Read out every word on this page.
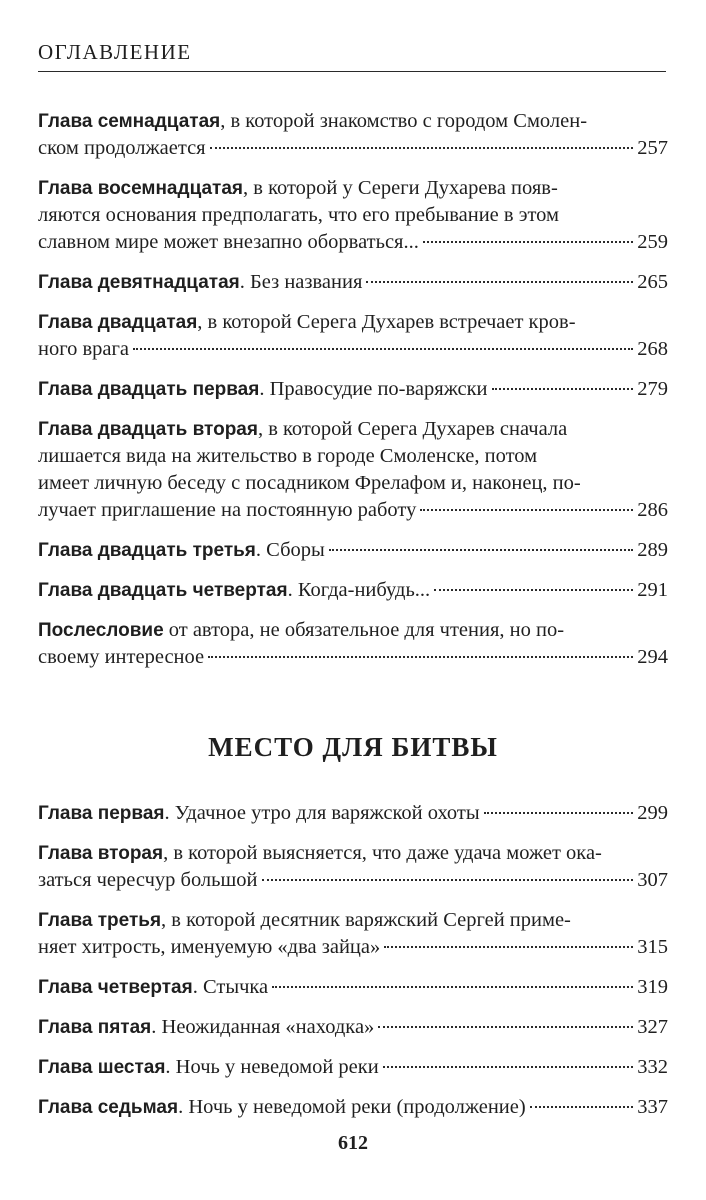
ОГЛАВЛЕНИЕ

Глава семнадцатая, в которой знакомство с городом Смолен-

ском продолжается	257

Глава восемнадцатая, в которой у Сереги Духарева появ-

ляются основания предполагать, что его пребывание в этом

славном мире может внезапно оборваться...	259
Глава девятнадцатая. Без названия	265

Глава двадцатая, в которой Серега Духарев встречает кров-

ного врага	268
Глава двадцать первая. Правосудие по-варяжски	279

Глава двадцать вторая, в которой Серега Духарев сначала

лишается вида на жительство в городе Смоленске, потом

имеет личную беседу с посадником Фрелафом и, наконец, по-

лучает приглашение на постоянную работу	286
Глава двадцать третья. Сборы	289
Глава двадцать четвертая. Когда-нибудь...	291

Послесловие от автора, не обязательное для чтения, но по-

своему интересное	294
МЕСТО ДЛЯ БИТВЫ
Глава первая. Удачное утро для варяжской охоты	299

Глава вторая, в которой выясняется, что даже удача может ока-

заться чересчур большой	307

Глава третья, в которой десятник варяжский Сергей приме-

няет хитрость, именуемую «два зайца»	315
Глава четвертая. Стычка	319
Глава пятая. Неожиданная «находка»	327
Глава шестая. Ночь у неведомой реки	332
Глава седьмая. Ночь у неведомой реки (продолжение)	337
612
